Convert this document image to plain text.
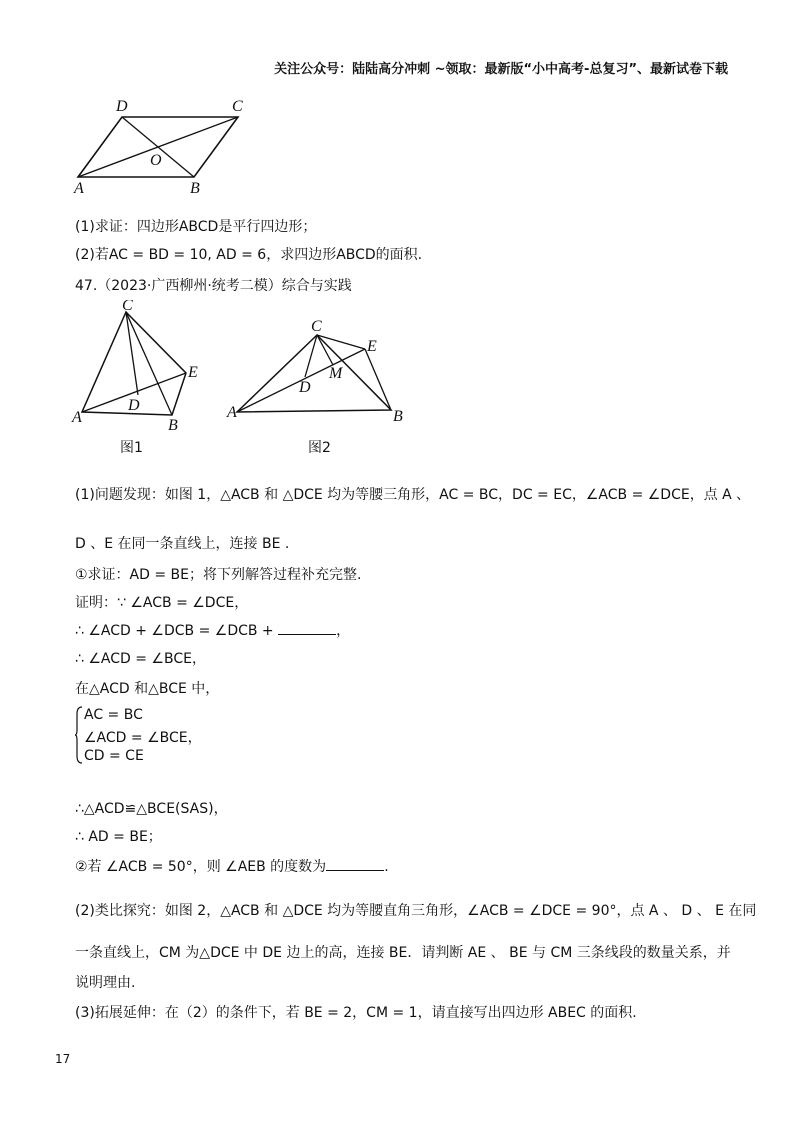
关注公众号：陆陆高分冲刺 ~领取：最新版“小中高考-总复习”、最新试卷下载
D	C
O
A	B
(1)求证：四边形ABCD是平行四边形；
(2)若AC = BD = 10, AD = 6，求四边形ABCD的面积.
47.（2023·广西柳州·统考二模）综合与实践
C
E
D
A	B
图1
C
E
M
D
A	B
图2
(1)问题发现：如图 1，△ACB 和 △DCE 均为等腰三角形，AC = BC，DC = EC，∠ACB = ∠DCE，点 A 、
D 、E 在同一条直线上，连接 BE .
①求证：AD = BE；将下列解答过程补充完整.
证明：∵ ∠ACB = ∠DCE，
∴ ∠ACD + ∠DCB = ∠DCB +	，
∴ ∠ACD = ∠BCE，
在△ACD 和△BCE 中，
AC = BC
∠ACD = ∠BCE，
CD = CE
∴△ACD≌△BCE(SAS)，
∴ AD = BE；
②若 ∠ACB = 50°，则 ∠AEB 的度数为	.
(2)类比探究：如图 2，△ACB 和 △DCE 均为等腰直角三角形，∠ACB = ∠DCE = 90°，点 A 、 D 、 E 在同
一条直线上，CM 为△DCE 中 DE 边上的高，连接 BE．请判断 AE 、 BE 与 CM 三条线段的数量关系，并
说明理由.
(3)拓展延伸：在（2）的条件下，若 BE = 2，CM = 1，请直接写出四边形 ABEC 的面积.
17
